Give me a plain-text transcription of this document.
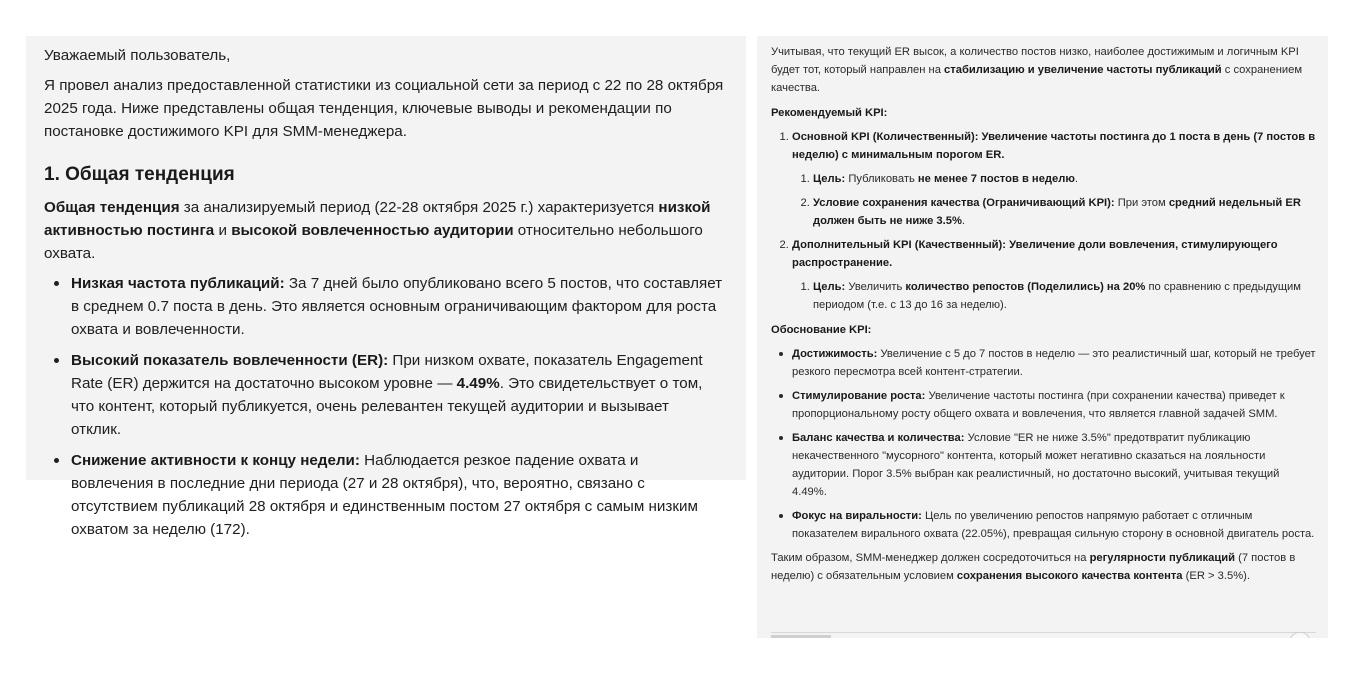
Уважаемый пользователь,

Я провел анализ предоставленной статистики из социальной сети за период с 22 по 28 октября 2025 года. Ниже представлены общая тенденция, ключевые выводы и рекомендации по постановке достижимого KPI для SMM-менеджера.

1. Общая тенденция

Общая тенденция за анализируемый период (22-28 октября 2025 г.) характеризуется низкой активностью постинга и высокой вовлеченностью аудитории относительно небольшого охвата.

Низкая частота публикаций: За 7 дней было опубликовано всего 5 постов, что составляет в среднем 0.7 поста в день. Это является основным ограничивающим фактором для роста охвата и вовлеченности.
Высокий показатель вовлеченности (ER): При низком охвате, показатель Engagement Rate (ER) держится на достаточно высоком уровне — 4.49%. Это свидетельствует о том, что контент, который публикуется, очень релевантен текущей аудитории и вызывает отклик.
Снижение активности к концу недели: Наблюдается резкое падение охвата и вовлечения в последние дни периода (27 и 28 октября), что, вероятно, связано с отсутствием публикаций 28 октября и единственным постом 27 октября с самым низким охватом за неделю (172).

Учитывая, что текущий ER высок, а количество постов низко, наиболее достижимым и логичным KPI будет тот, который направлен на стабилизацию и увеличение частоты публикаций с сохранением качества.

Рекомендуемый KPI:

1. Основной KPI (Количественный): Увеличение частоты постинга до 1 поста в день (7 постов в неделю) с минимальным порогом ER.
1. Цель: Публиковать не менее 7 постов в неделю.
2. Условие сохранения качества (Ограничивающий KPI): При этом средний недельный ER должен быть не ниже 3.5%.
2. Дополнительный KPI (Качественный): Увеличение доли вовлечения, стимулирующего распространение.
1. Цель: Увеличить количество репостов (Поделились) на 20% по сравнению с предыдущим периодом (т.е. с 13 до 16 за неделю).

Обоснование KPI:

Достижимость: Увеличение с 5 до 7 постов в неделю — это реалистичный шаг, который не требует резкого пересмотра всей контент-стратегии.
Стимулирование роста: Увеличение частоты постинга (при сохранении качества) приведет к пропорциональному росту общего охвата и вовлечения, что является главной задачей SMM.
Баланс качества и количества: Условие "ER не ниже 3.5%" предотвратит публикацию некачественного "мусорного" контента, который может негативно сказаться на лояльности аудитории. Порог 3.5% выбран как реалистичный, но достаточно высокий, учитывая текущий 4.49%.
Фокус на виральности: Цель по увеличению репостов напрямую работает с отличным показателем вирального охвата (22.05%), превращая сильную сторону в основной двигатель роста.

Таким образом, SMM-менеджер должен сосредоточиться на регулярности публикаций (7 постов в неделю) с обязательным условием сохранения высокого качества контента (ER > 3.5%).
